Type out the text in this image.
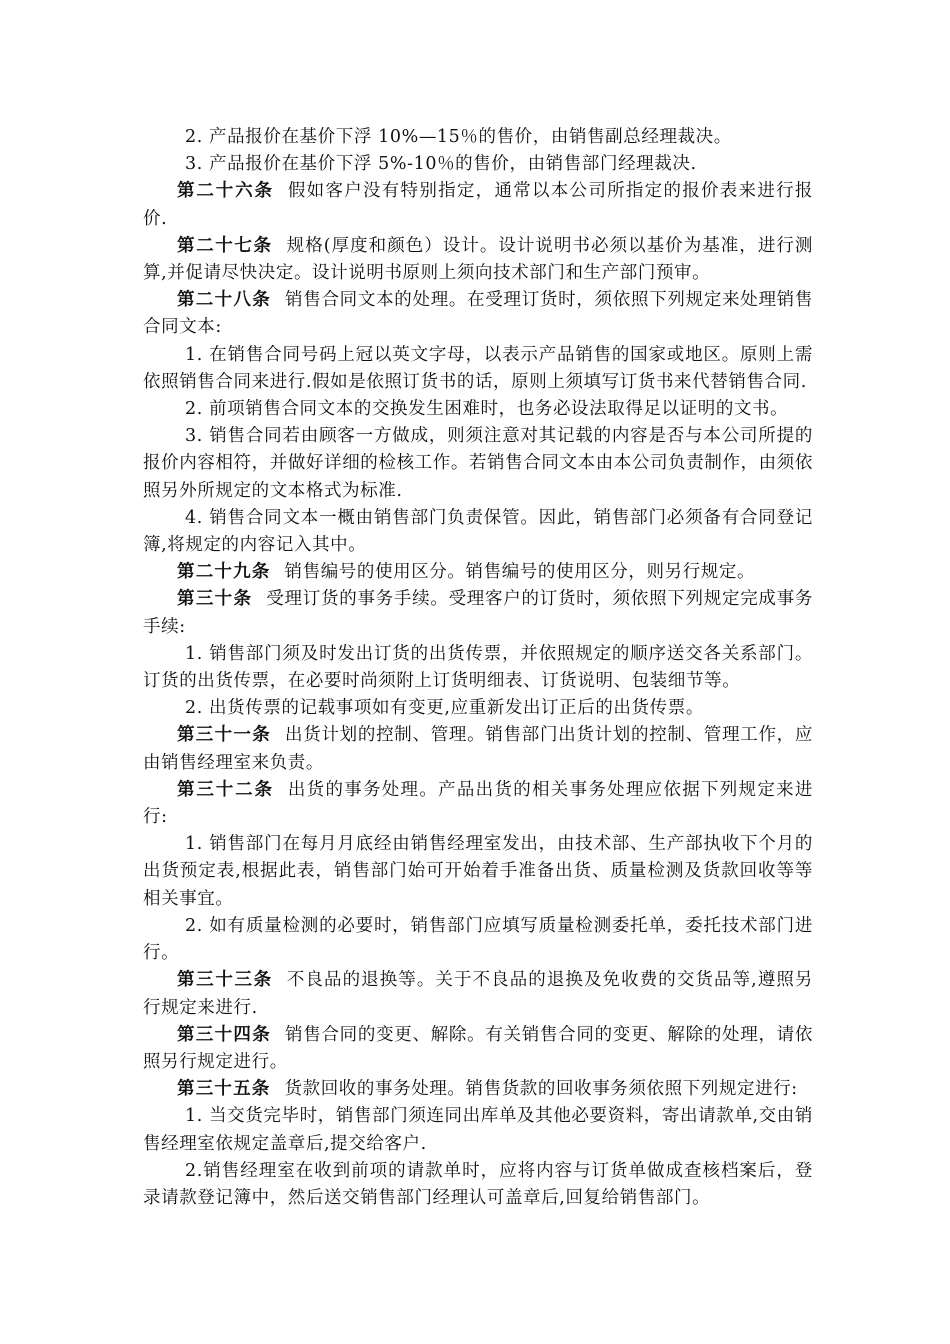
2. 产品报价在基价下浮 10%—15％的售价，由销售副总经理裁决。

3. 产品报价在基价下浮 5%-10％的售价，由销售部门经理裁决.

第二十六条 假如客户没有特别指定，通常以本公司所指定的报价表来进行报价.

第二十七条 规格(厚度和颜色）设计。设计说明书必须以基价为基准，进行测算,并促请尽快决定。设计说明书原则上须向技术部门和生产部门预审。

第二十八条 销售合同文本的处理。在受理订货时，须依照下列规定来处理销售合同文本:

1. 在销售合同号码上冠以英文字母，以表示产品销售的国家或地区。原则上需依照销售合同来进行.假如是依照订货书的话，原则上须填写订货书来代替销售合同.

2. 前项销售合同文本的交换发生困难时，也务必设法取得足以证明的文书。

3. 销售合同若由顾客一方做成，则须注意对其记载的内容是否与本公司所提的报价内容相符，并做好详细的检核工作。若销售合同文本由本公司负责制作，由须依照另外所规定的文本格式为标准.

4. 销售合同文本一概由销售部门负责保管。因此，销售部门必须备有合同登记簿,将规定的内容记入其中。

第二十九条 销售编号的使用区分。销售编号的使用区分，则另行规定。

第三十条 受理订货的事务手续。受理客户的订货时，须依照下列规定完成事务手续:

1. 销售部门须及时发出订货的出货传票，并依照规定的顺序送交各关系部门。订货的出货传票，在必要时尚须附上订货明细表、订货说明、包装细节等。

2. 出货传票的记载事项如有变更,应重新发出订正后的出货传票。

第三十一条 出货计划的控制、管理。销售部门出货计划的控制、管理工作，应由销售经理室来负责。

第三十二条 出货的事务处理。产品出货的相关事务处理应依据下列规定来进行:

1. 销售部门在每月月底经由销售经理室发出，由技术部、生产部执收下个月的出货预定表,根据此表，销售部门始可开始着手准备出货、质量检测及货款回收等等相关事宜。

2. 如有质量检测的必要时，销售部门应填写质量检测委托单，委托技术部门进行。

第三十三条 不良品的退换等。关于不良品的退换及免收费的交货品等,遵照另行规定来进行.

第三十四条 销售合同的变更、解除。有关销售合同的变更、解除的处理，请依照另行规定进行。

第三十五条 货款回收的事务处理。销售货款的回收事务须依照下列规定进行:

1. 当交货完毕时，销售部门须连同出库单及其他必要资料，寄出请款单,交由销售经理室依规定盖章后,提交给客户.

2.销售经理室在收到前项的请款单时，应将内容与订货单做成查核档案后，登录请款登记簿中，然后送交销售部门经理认可盖章后,回复给销售部门。
